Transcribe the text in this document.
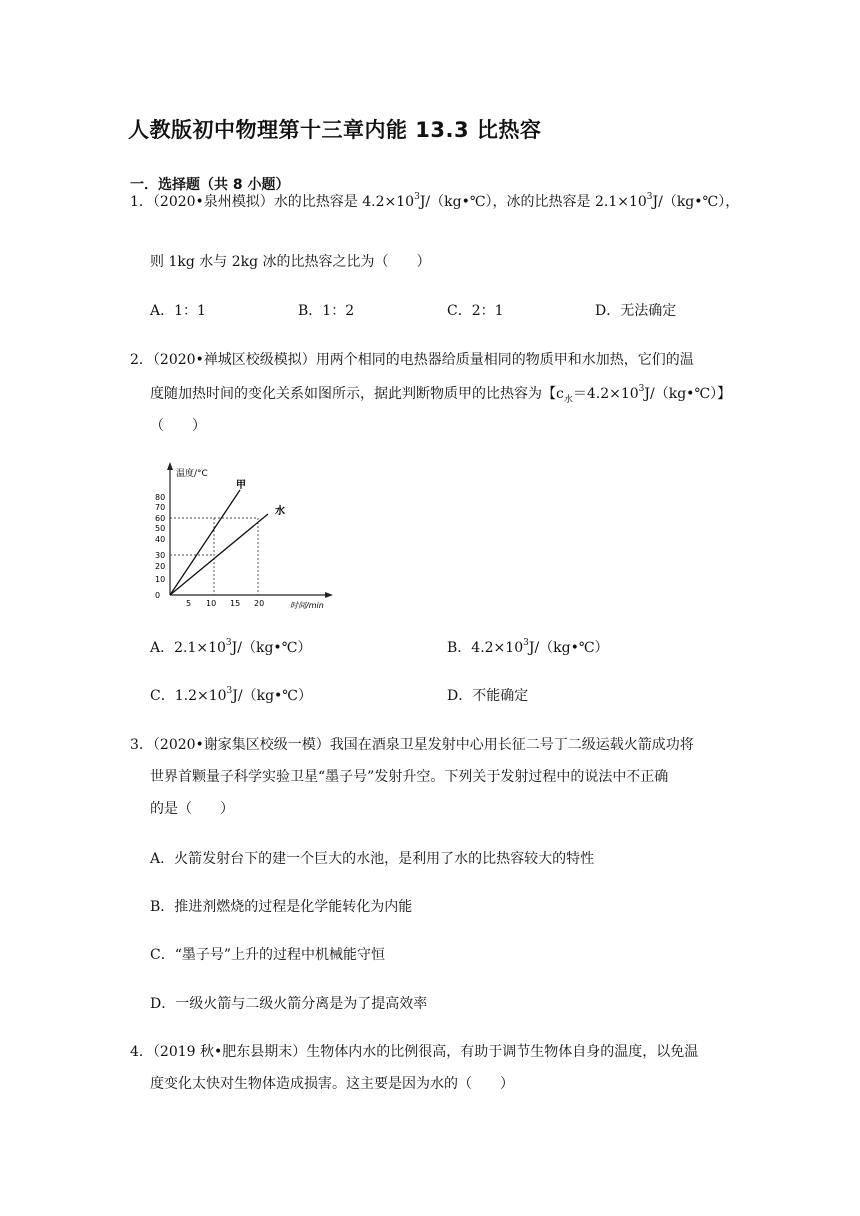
人教版初中物理第十三章内能 13.3 比热容
一．选择题（共 8 小题）
1．（2020•泉州模拟）水的比热容是 $4.2\times 10^3J/(kg•℃)$，冰的比热容是 $2.1\times 10^3J/(kg•℃)$，
则 1kg 水与 2kg 冰的比热容之比为（　　）
A．1：1	B．1：2	C．2：1	D．无法确定
2．（2020•禅城区校级模拟）用两个相同的电热器给质量相同的物质甲和水加热，它们的温
度随加热时间的变化关系如图所示，据此判断物质甲的比热容为【$c_水=4.2\times 10^3J/(kg•℃)$】
（　　）
温度/°C
时间/min
80
70
60
50
40
30
20
10
0
5 10 15 20
甲
水
A．$2.1\times 10^3J/(kg•℃)$	B．$4.2\times 10^3J/(kg•℃)$
C．$1.2\times 10^3J/(kg•℃)$	D．不能确定
3．（2020•谢家集区校级一模）我国在酒泉卫星发射中心用长征二号丁二级运载火箭成功将
世界首颗量子科学实验卫星“墨子号”发射升空。下列关于发射过程中的说法中不正确
的是（　　）
A．火箭发射台下的建一个巨大的水池，是利用了水的比热容较大的特性
B．推进剂燃烧的过程是化学能转化为内能
C．“墨子号”上升的过程中机械能守恒
D．一级火箭与二级火箭分离是为了提高效率
4．（2019 秋•肥东县期末）生物体内水的比例很高，有助于调节生物体自身的温度，以免温
度变化太快对生物体造成损害。这主要是因为水的（　　）
